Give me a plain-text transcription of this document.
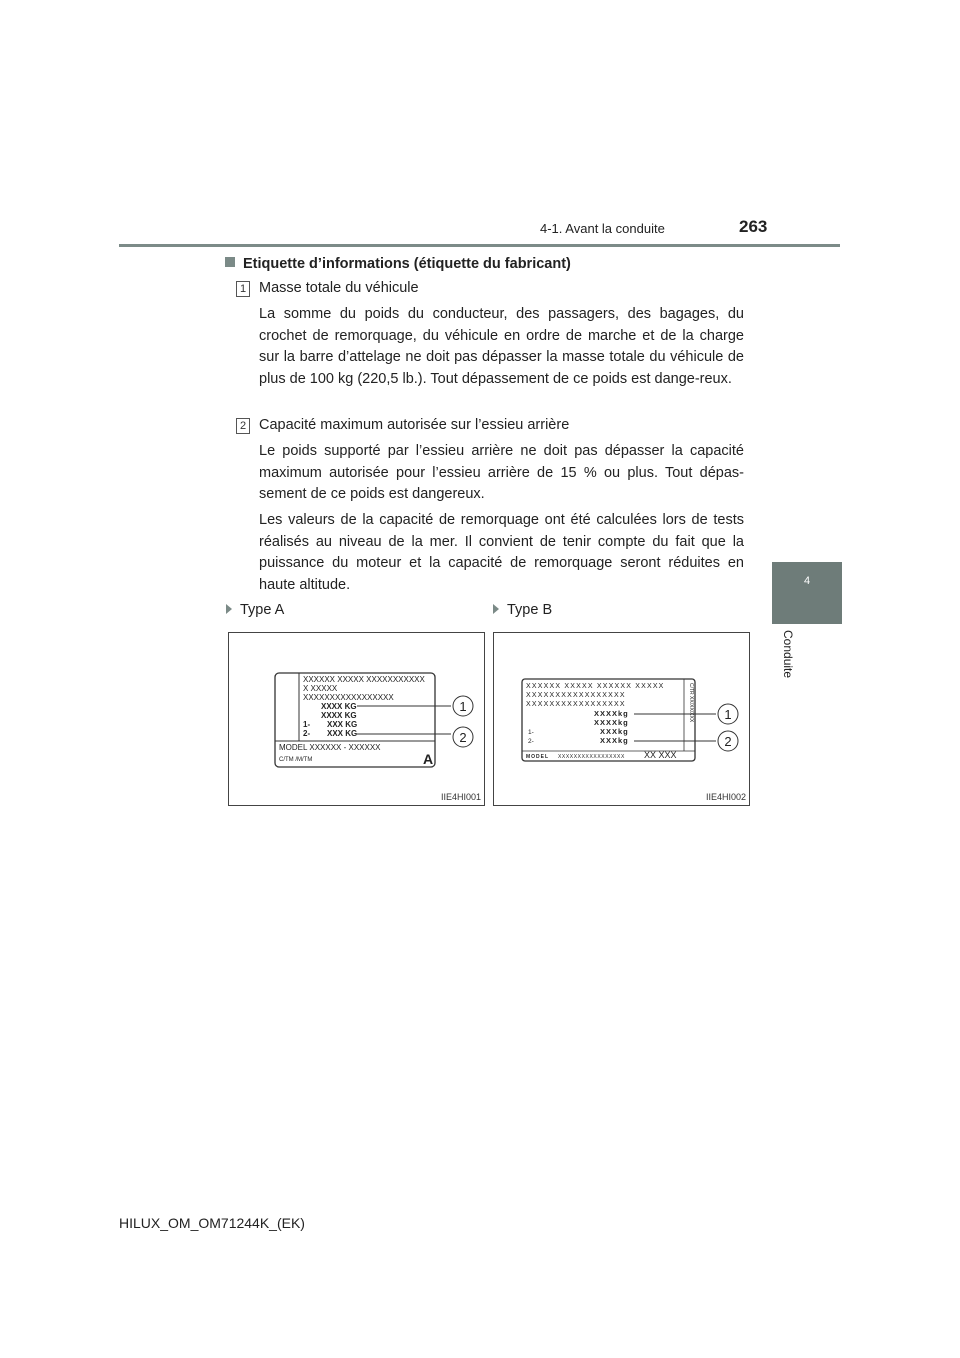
4-1. Avant la conduite	263
4
Conduite
Etiquette d’informations (étiquette du fabricant)
1 Masse totale du véhicule
La somme du poids du conducteur, des passagers, des bagages, du crochet de remorquage, du véhicule en ordre de marche et de la charge sur la barre d’attelage ne doit pas dépasser la masse totale du véhicule de plus de 100 kg (220,5 lb.). Tout dépassement de ce poids est dange-reux.
2 Capacité maximum autorisée sur l’essieu arrière
Le poids supporté par l’essieu arrière ne doit pas dépasser la capacité maximum autorisée pour l’essieu arrière de 15 % ou plus. Tout dépas-sement de ce poids est dangereux.
Les valeurs de la capacité de remorquage ont été calculées lors de tests réalisés au niveau de la mer. Il convient de tenir compte du fait que la puissance du moteur et la capacité de remorquage seront réduites en haute altitude.
Type A	Type B
XXXXXX XXXXX XXXXXXXXXXX
X XXXXX
XXXXXXXXXXXXXXXXX
XXXX KG
XXXX KG
1- XXX KG
2- XXX KG
MODEL XXXXXX - XXXXXX
C/TM /M/TM	A
1
2
IIE4HI001
XXXXXX XXXXX XXXXXX XXXXX
XXXXXXXXXXXXXXXXX
XXXXXXXXXXXXXXXXX
XXXXkg
XXXXkg
1-	XXXkg
2-	XXXkg
MODEL XXXXXXXXXXXXXXXXX XX XXX
C/TR XX/XX/XXX 1
2
IIE4HI002
HILUX_OM_OM71244K_(EK)
